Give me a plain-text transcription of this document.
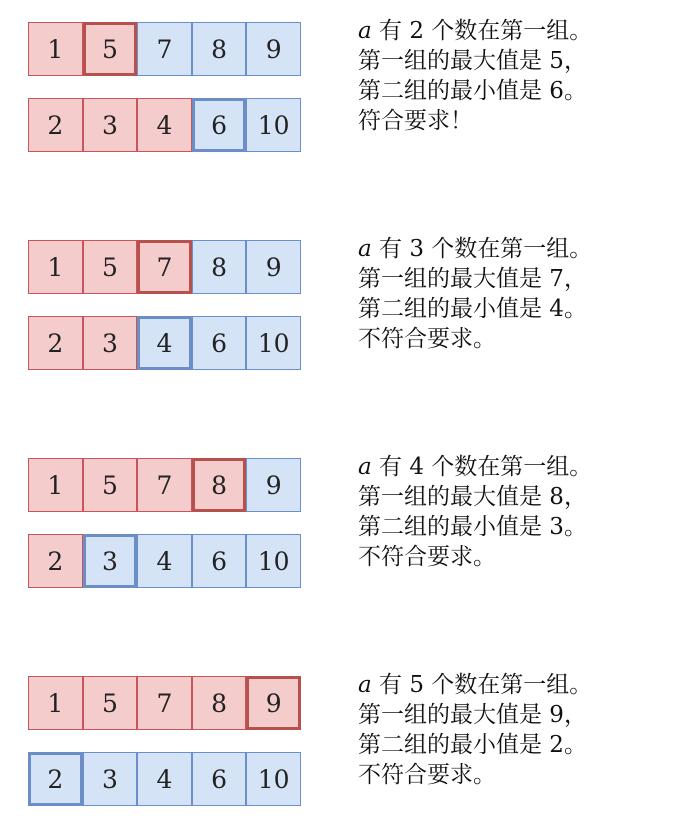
1	5	7	8	9
2	3	4	6	10
a 有 2 个数在第一组。
第一组的最大值是 5，
第二组的最小值是 6。
符合要求！
1	5	7	8	9
2	3	4	6	10
a 有 3 个数在第一组。
第一组的最大值是 7，
第二组的最小值是 4。
不符合要求。
1	5	7	8	9
2	3	4	6	10
a 有 4 个数在第一组。
第一组的最大值是 8，
第二组的最小值是 3。
不符合要求。
1	5	7	8	9
2	3	4	6	10
a 有 5 个数在第一组。
第一组的最大值是 9，
第二组的最小值是 2。
不符合要求。
